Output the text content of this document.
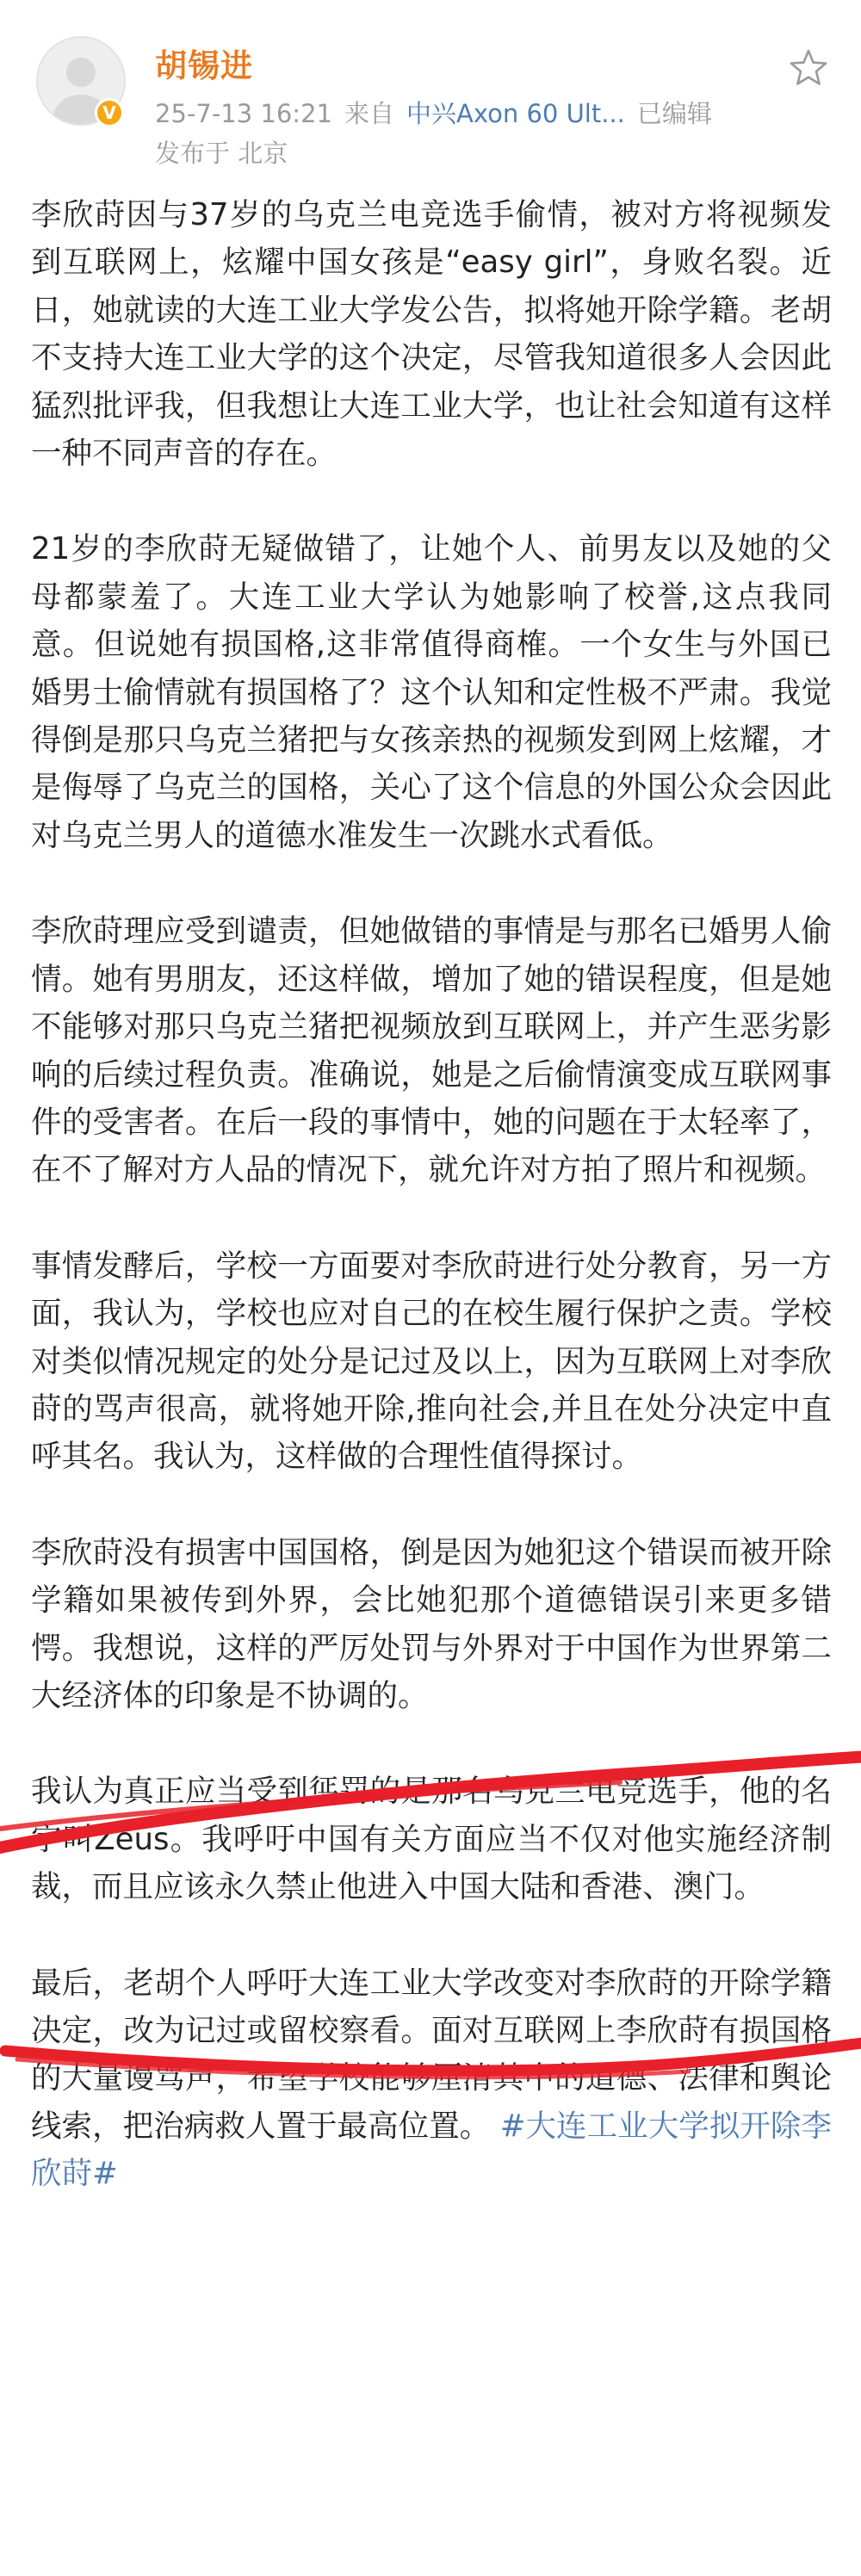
V
胡锡进
25-7-13 16:21 来自 中兴Axon 60 Ult... 已编辑
发布于 北京

李欣莳因与37岁的乌克兰电竞选手偷情，被对方将视频发到互联网上，炫耀中国女孩是“easy girl”，身败名裂。近日，她就读的大连工业大学发公告，拟将她开除学籍。老胡不支持大连工业大学的这个决定，尽管我知道很多人会因此猛烈批评我，但我想让大连工业大学，也让社会知道有这样一种不同声音的存在。

21岁的李欣莳无疑做错了，让她个人、前男友以及她的父母都蒙羞了。大连工业大学认为她影响了校誉,这点我同意。但说她有损国格,这非常值得商榷。一个女生与外国已婚男士偷情就有损国格了？这个认知和定性极不严肃。我觉得倒是那只乌克兰猪把与女孩亲热的视频发到网上炫耀，才是侮辱了乌克兰的国格，关心了这个信息的外国公众会因此对乌克兰男人的道德水准发生一次跳水式看低。

李欣莳理应受到谴责，但她做错的事情是与那名已婚男人偷情。她有男朋友，还这样做，增加了她的错误程度，但是她不能够对那只乌克兰猪把视频放到互联网上，并产生恶劣影响的后续过程负责。准确说，她是之后偷情演变成互联网事件的受害者。在后一段的事情中，她的问题在于太轻率了，在不了解对方人品的情况下，就允许对方拍了照片和视频。

事情发酵后，学校一方面要对李欣莳进行处分教育，另一方面，我认为，学校也应对自己的在校生履行保护之责。学校对类似情况规定的处分是记过及以上，因为互联网上对李欣莳的骂声很高，就将她开除,推向社会,并且在处分决定中直呼其名。我认为，这样做的合理性值得探讨。

李欣莳没有损害中国国格，倒是因为她犯这个错误而被开除学籍如果被传到外界，会比她犯那个道德错误引来更多错愕。我想说，这样的严厉处罚与外界对于中国作为世界第二大经济体的印象是不协调的。

我认为真正应当受到惩罚的是那名乌克兰电竞选手，他的名字叫Zeus。我呼吁中国有关方面应当不仅对他实施经济制裁，而且应该永久禁止他进入中国大陆和香港、澳门。

最后，老胡个人呼吁大连工业大学改变对李欣莳的开除学籍决定，改为记过或留校察看。面对互联网上李欣莳有损国格的大量谩骂声，希望学校能够厘清其中的道德、法律和舆论线索，把治病救人置于最高位置。 #大连工业大学拟开除李欣莳#
